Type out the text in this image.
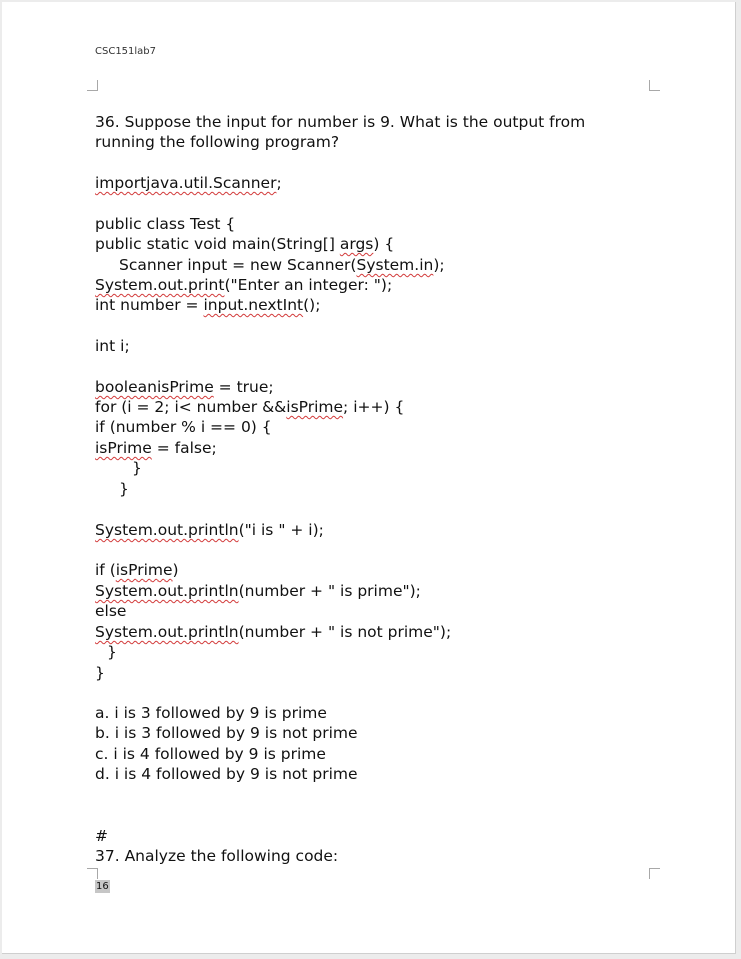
CSC151lab7
36. Suppose the input for number is 9. What is the output from
running the following program?
importjava.util.Scanner;
public class Test {
public static void main(String[] args) {
Scanner input = new Scanner(System.in);
System.out.print("Enter an integer: ");
int number = input.nextInt();
int i;
booleanisPrime = true;
for (i = 2; i< number &&isPrime; i++) {
if (number % i == 0) {
isPrime = false;
}
}
System.out.println("i is " + i);
if (isPrime)
System.out.println(number + " is prime");
else
System.out.println(number + " is not prime");
}
}
a. i is 3 followed by 9 is prime
b. i is 3 followed by 9 is not prime
c. i is 4 followed by 9 is prime
d. i is 4 followed by 9 is not prime
#
37. Analyze the following code:
16
